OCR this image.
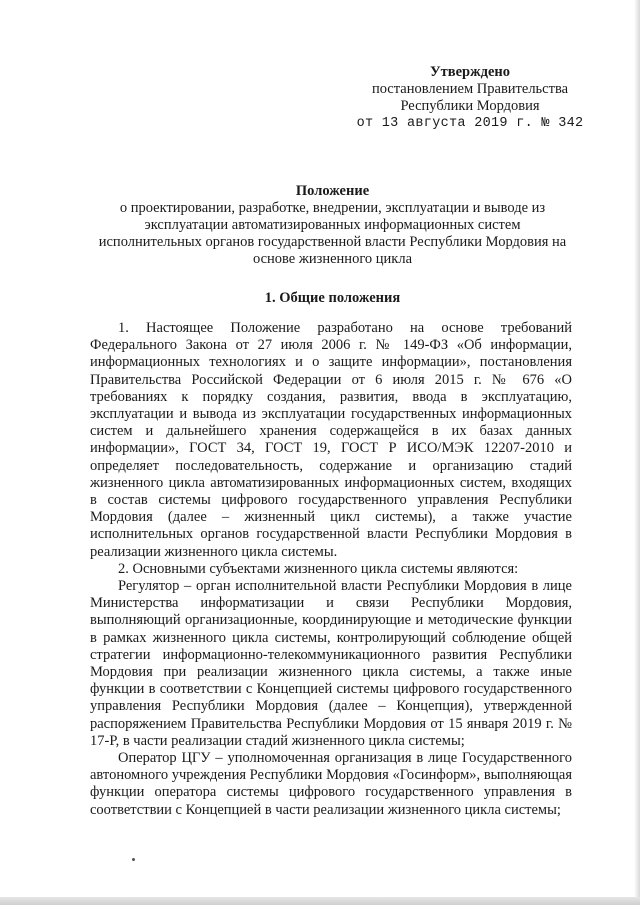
Утверждено
постановлением Правительства
Республики Мордовия
от 13 августа 2019 г. № 342
Положение
о проектировании, разработке, внедрении, эксплуатации и выводе из эксплуатации автоматизированных информационных систем исполнительных органов государственной власти Республики Мордовия на основе жизненного цикла
1. Общие положения

1. Настоящее Положение разработано на основе требований Федерального Закона от 27 июля 2006 г. № 149-ФЗ «Об информации, информационных технологиях и о защите информации», постановления Правительства Российской Федерации от 6 июля 2015 г. № 676 «О требованиях к порядку создания, развития, ввода в эксплуатацию, эксплуатации и вывода из эксплуатации государственных информационных систем и дальнейшего хранения содержащейся в их базах данных информации», ГОСТ 34, ГОСТ 19, ГОСТ Р ИСО/МЭК 12207-2010 и определяет последовательность, содержание и организацию стадий жизненного цикла автоматизированных информационных систем, входящих в состав системы цифрового государственного управления Республики Мордовия (далее – жизненный цикл системы), а также участие исполнительных органов государственной власти Республики Мордовия в реализации жизненного цикла системы.

2. Основными субъектами жизненного цикла системы являются:

Регулятор – орган исполнительной власти Республики Мордовия в лице Министерства информатизации и связи Республики Мордовия, выполняющий организационные, координирующие и методические функции в рамках жизненного цикла системы, контролирующий соблюдение общей стратегии информационно-телекоммуникационного развития Республики Мордовия при реализации жизненного цикла системы, а также иные функции в соответствии с Концепцией системы цифрового государственного управления Республики Мордовия (далее – Концепция), утвержденной распоряжением Правительства Республики Мордовия от 15 января 2019 г. № 17-Р, в части реализации стадий жизненного цикла системы;

Оператор ЦГУ – уполномоченная организация в лице Государственного автономного учреждения Республики Мордовия «Госинформ», выполняющая функции оператора системы цифрового государственного управления в соответствии с Концепцией в части реализации жизненного цикла системы;
